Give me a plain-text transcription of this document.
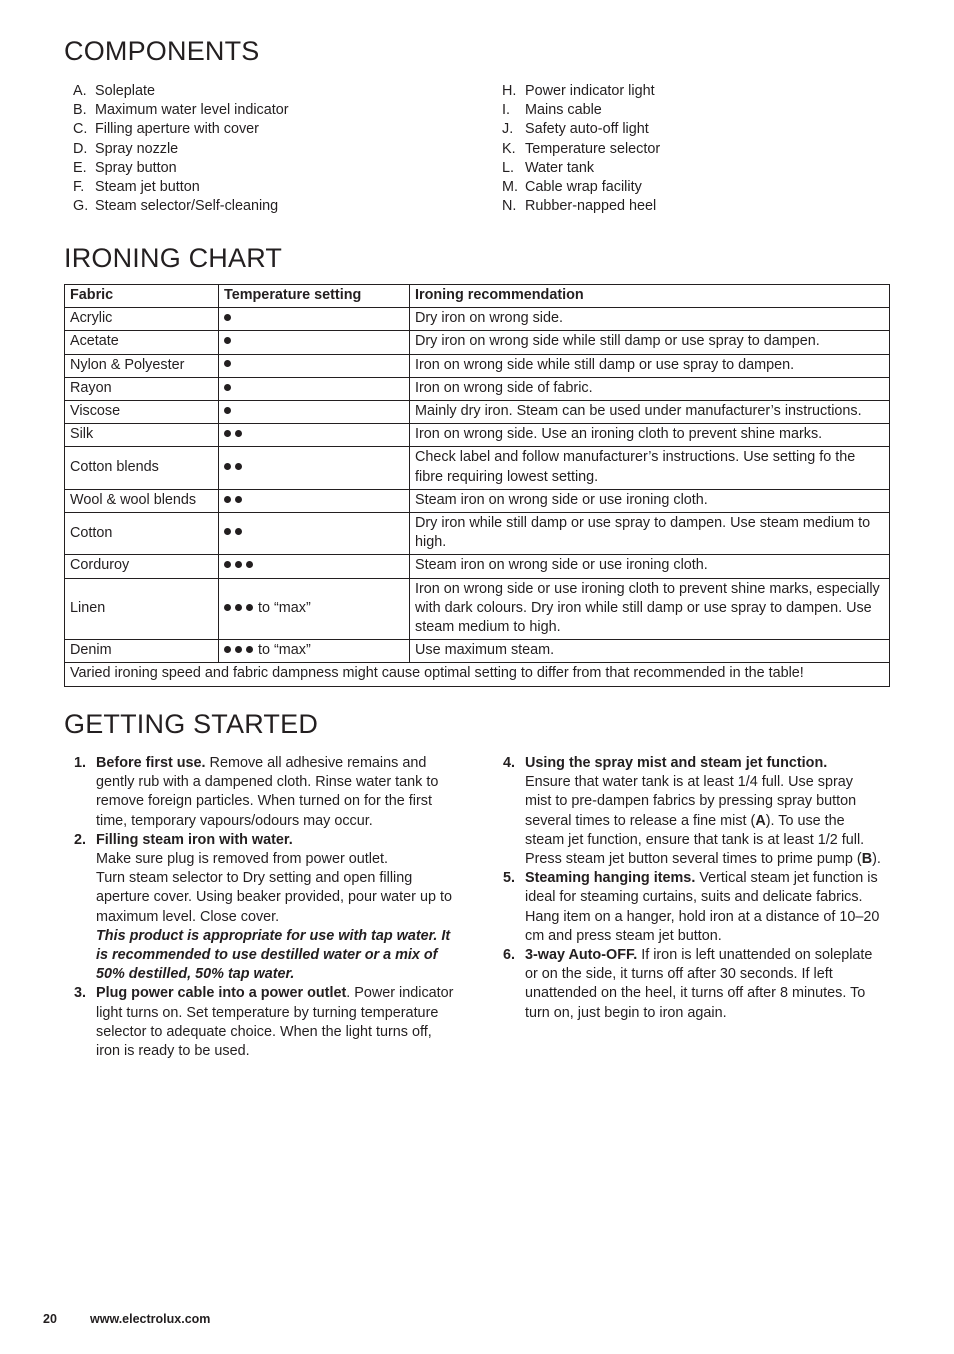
COMPONENTS
A. Soleplate
B. Maximum water level indicator
C. Filling aperture with cover
D. Spray nozzle
E. Spray button
F. Steam jet button
G. Steam selector/Self-cleaning
H. Power indicator light
I.	Mains cable
J. Safety auto-off light
K. Temperature selector
L. Water tank
M. Cable wrap facility
N. Rubber-napped heel
IRONING CHART
Fabric	Temperature setting	Ironing recommendation
Acrylic		Dry iron on wrong side.
Acetate		Dry iron on wrong side while still damp or use spray to dampen.
Nylon & Polyester		Iron on wrong side while still damp or use spray to dampen.
Rayon		Iron on wrong side of fabric.
Viscose		Mainly dry iron. Steam can be used under manufacturer’s instructions.
Silk		Iron on wrong side. Use an ironing cloth to prevent shine marks.
Cotton blends		Check label and follow manufacturer’s instructions. Use setting fo the fibre requiring lowest setting.
Wool & wool blends		Steam iron on wrong side or use ironing cloth.
Cotton		Dry iron while still damp or use spray to dampen. Use steam medium to high.
Corduroy		Steam iron on wrong side or use ironing cloth.
Linen	to “max”	Iron on wrong side or use ironing cloth to prevent shine marks, especially with dark colours. Dry iron while still damp or use spray to dampen. Use steam medium to high.
Denim	to “max”	Use maximum steam.
Varied ironing speed and fabric dampness might cause optimal setting to differ from that recommended in the table!		
GETTING STARTED
1. Before first use. Remove all adhesive remains and gently rub with a dampened cloth. Rinse water tank to remove foreign particles. When turned on for the first time, temporary vapours/odours may occur.
2. Filling steam iron with water.
Make sure plug is removed from power outlet.
Turn steam selector to Dry setting and open filling aperture cover. Using beaker provided, pour water up to maximum level. Close cover.
This product is appropriate for use with tap water. It is recommended to use destilled water or a mix of 50% destilled, 50% tap water.
3. Plug power cable into a power outlet. Power indicator light turns on. Set temperature by turning temperature selector to adequate choice. When the light turns off, iron is ready to be used.
4. Using the spray mist and steam jet function.
Ensure that water tank is at least 1/4 full. Use spray mist to pre-dampen fabrics by pressing spray button several times to release a fine mist (A). To use the steam jet function, ensure that tank is at least 1/2 full. Press steam jet button several times to prime pump (B).
5. Steaming hanging items. Vertical steam jet function is ideal for steaming curtains, suits and delicate fabrics. Hang item on a hanger, hold iron at a distance of 10–20 cm and press steam jet button.
6. 3-way Auto-OFF. If iron is left unattended on soleplate or on the side, it turns off after 30 seconds. If left unattended on the heel, it turns off after 8 minutes. To turn on, just begin to iron again.
20	www.electrolux.com
